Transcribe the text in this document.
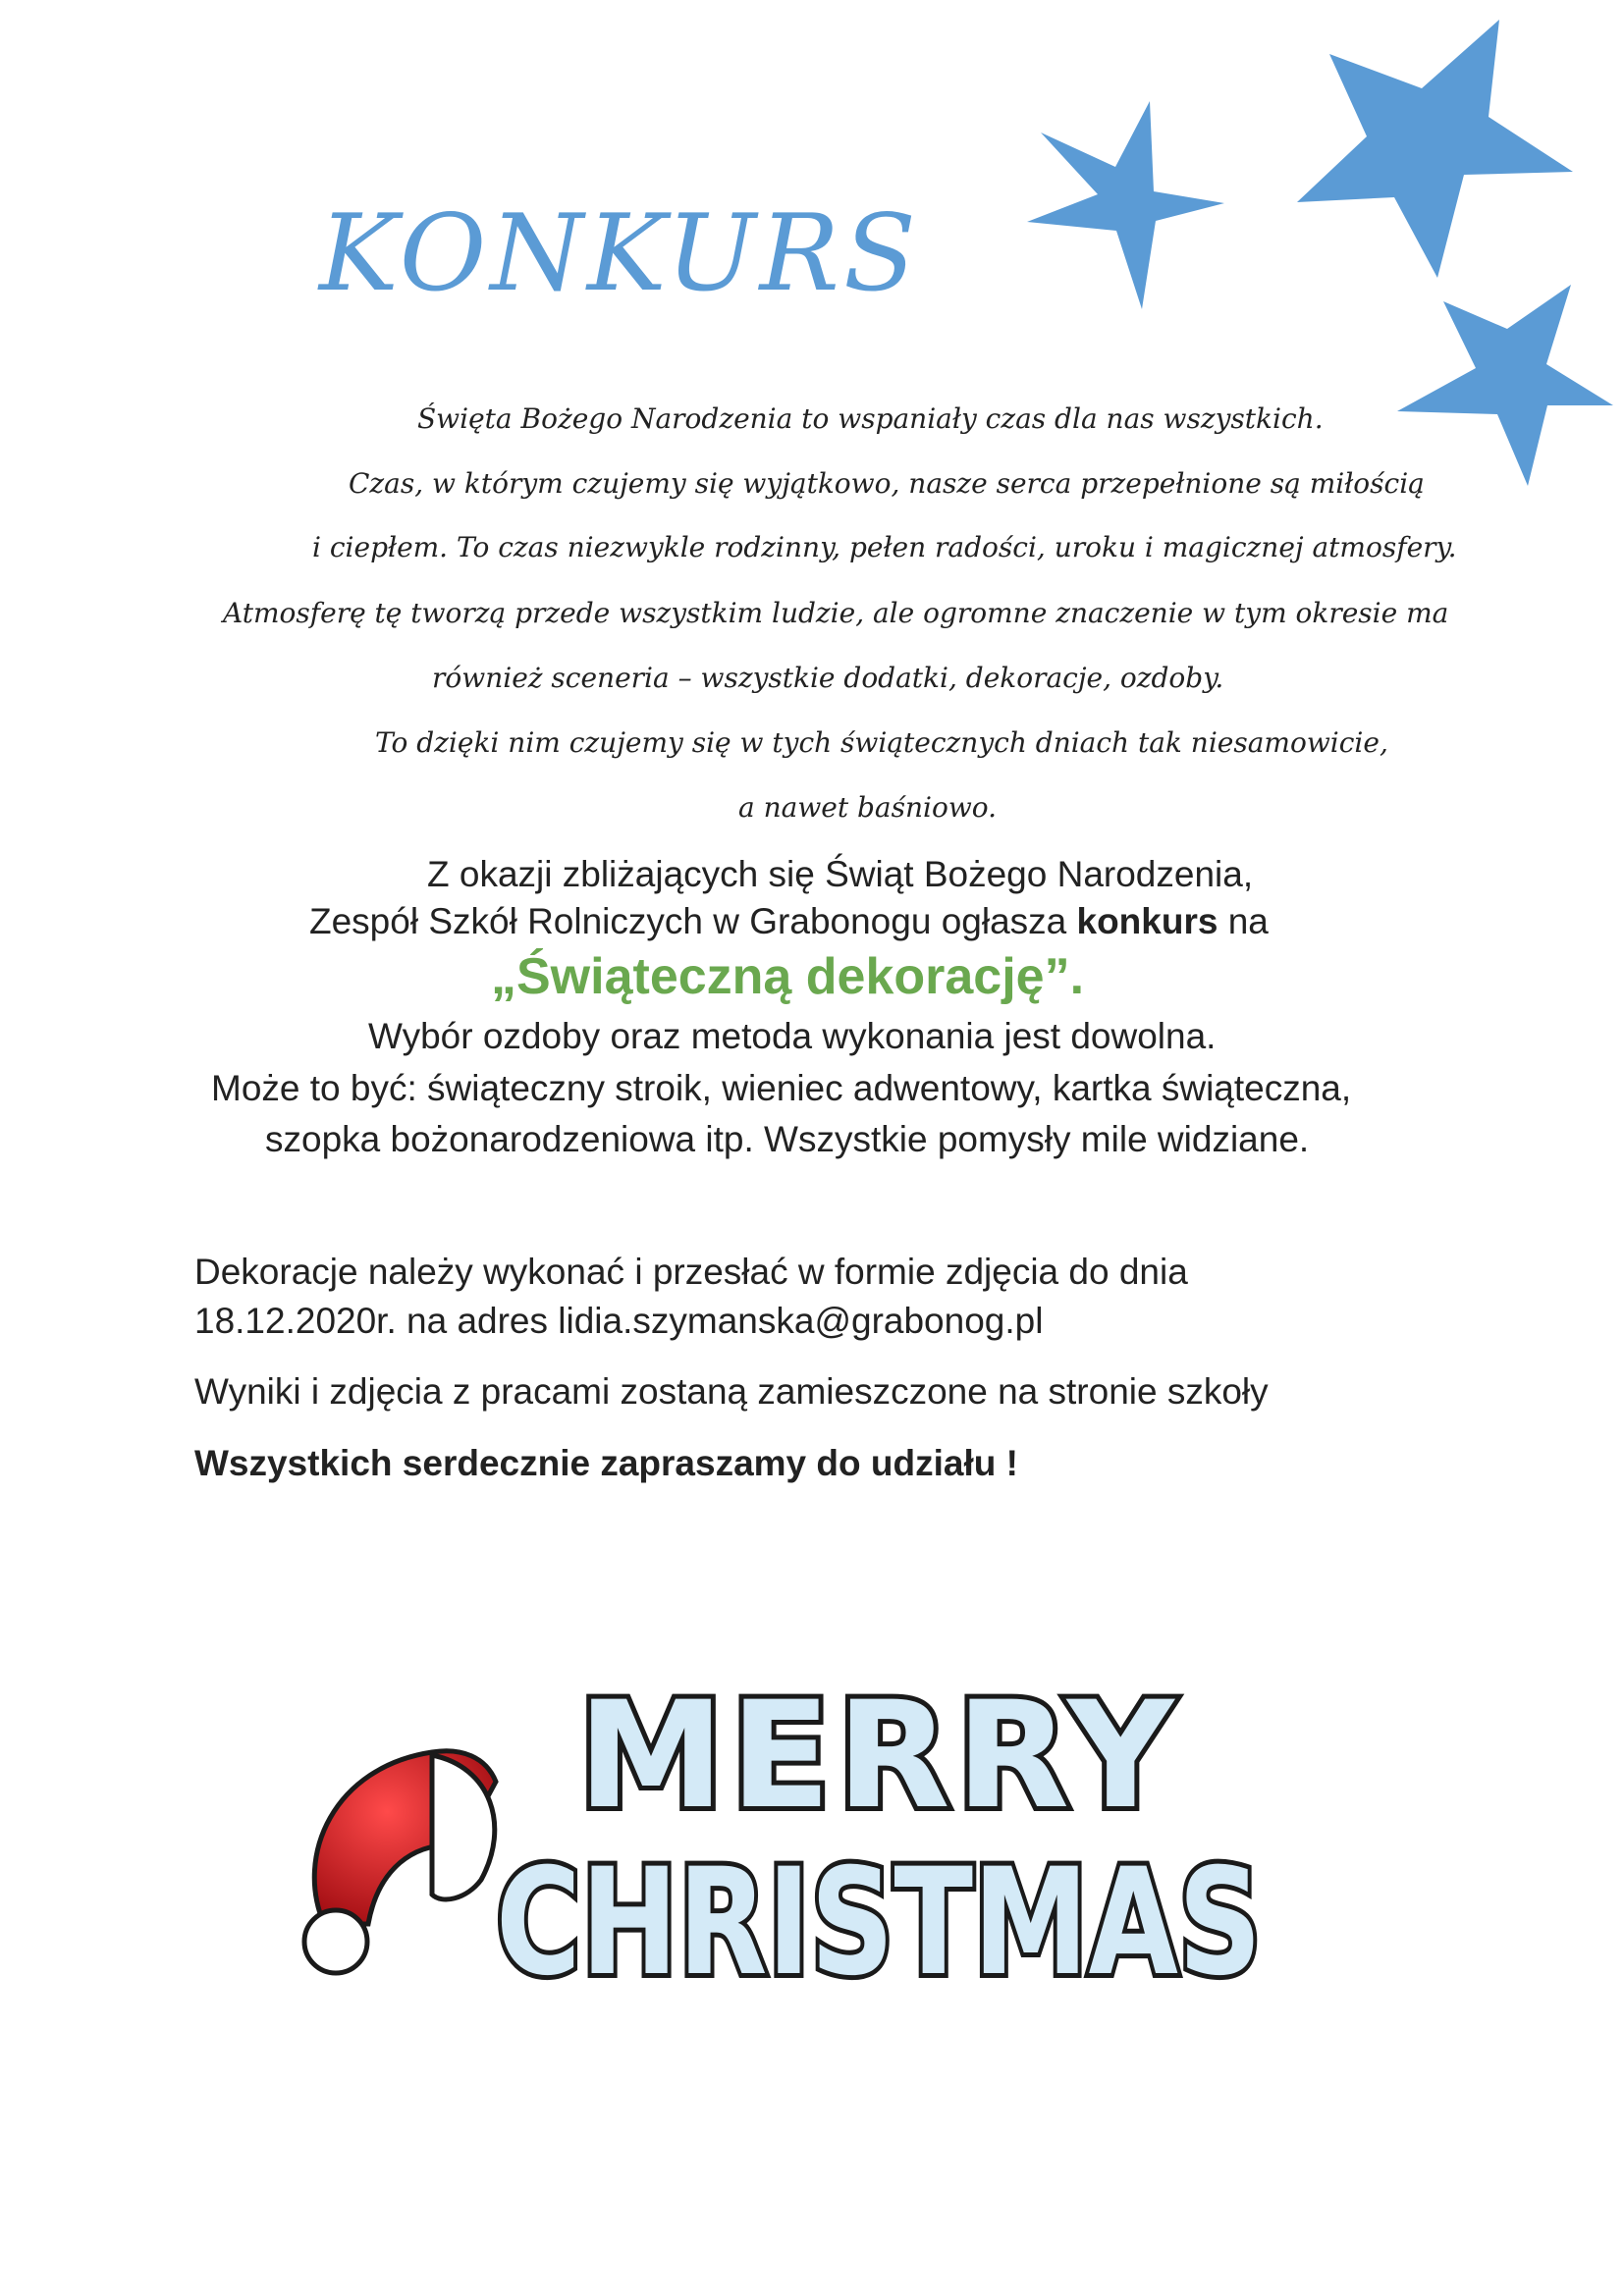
KONKURS
Święta Bożego Narodzenia to wspaniały czas dla nas wszystkich.
Czas, w którym czujemy się wyjątkowo, nasze serca przepełnione są miłością
i ciepłem. To czas niezwykle rodzinny, pełen radości, uroku i magicznej atmosfery.
Atmosferę tę tworzą przede wszystkim ludzie, ale ogromne znaczenie w tym okresie ma
również sceneria – wszystkie dodatki, dekoracje, ozdoby.
To dzięki nim czujemy się w tych świątecznych dniach tak niesamowicie,
a nawet baśniowo.
Z okazji zbliżających się Świąt Bożego Narodzenia,
Zespół Szkół Rolniczych w Grabonogu ogłasza konkurs na
„Świąteczną dekorację”.
Wybór ozdoby oraz metoda wykonania jest dowolna.
Może to być: świąteczny stroik, wieniec adwentowy, kartka świąteczna,
szopka bożonarodzeniowa itp. Wszystkie pomysły mile widziane.
Dekoracje należy wykonać i przesłać w formie zdjęcia do dnia
18.12.2020r. na adres lidia.szymanska@grabonog.pl
Wyniki i zdjęcia z pracami zostaną zamieszczone na stronie szkoły
Wszystkich serdecznie zapraszamy do udziału !
MERRY
CHRISTMAS
